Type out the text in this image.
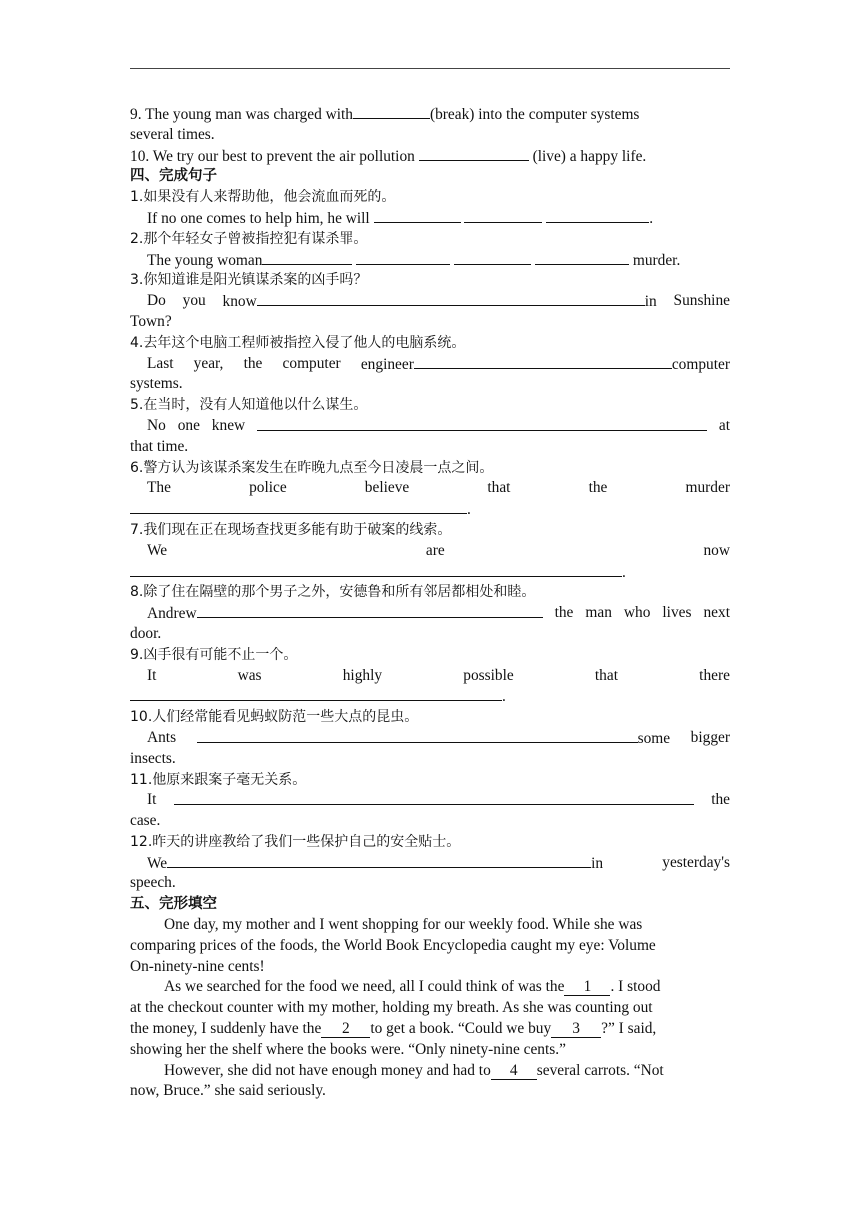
9. The young man was charged with	(break) into the computer systems
several times.
10. We try our best to prevent the air pollution	(live) a happy life.
四、完成句子
1.如果没有人来帮助他，他会流血而死的。
If no one comes to help him, he will	.
2.那个年轻女子曾被指控犯有谋杀罪。
The young woman	murder.
3.你知道谁是阳光镇谋杀案的凶手吗？
Do you know	in Sunshine
Town?
4.去年这个电脑工程师被指控入侵了他人的电脑系统。
Last year, the computer engineer	computer
systems.
5.在当时，没有人知道他以什么谋生。
No one knew	at
that time.
6.警方认为该谋杀案发生在昨晚九点至今日凌晨一点之间。
The	police	believe	that	the	murder
.
7.我们现在正在现场查找更多能有助于破案的线索。
We	are	now
.
8.除了住在隔壁的那个男子之外，安德鲁和所有邻居都相处和睦。
Andrew	the man who lives next
door.
9.凶手很有可能不止一个。
It	was	highly	possible	that	there
.
10.人们经常能看见蚂蚁防范一些大点的昆虫。
Ants	some bigger
insects.
11.他原来跟案子毫无关系。
It	the
case.
12.昨天的讲座教给了我们一些保护自己的安全贴士。
We	in	yesterday's
speech.
五、完形填空
One day, my mother and I went shopping for our weekly food. While she was
comparing prices of the foods, the World Book Encyclopedia caught my eye: Volume
On-ninety-nine cents!
As we searched for the food we need, all I could think of was the 1 . I stood
at the checkout counter with my mother, holding my breath. As she was counting out
the money, I suddenly have the 2 to get a book. “Could we buy 3 ?” I said,
showing her the shelf where the books were. “Only ninety-nine cents.”
However, she did not have enough money and had to 4 several carrots. “Not
now, Bruce.” she said seriously.
